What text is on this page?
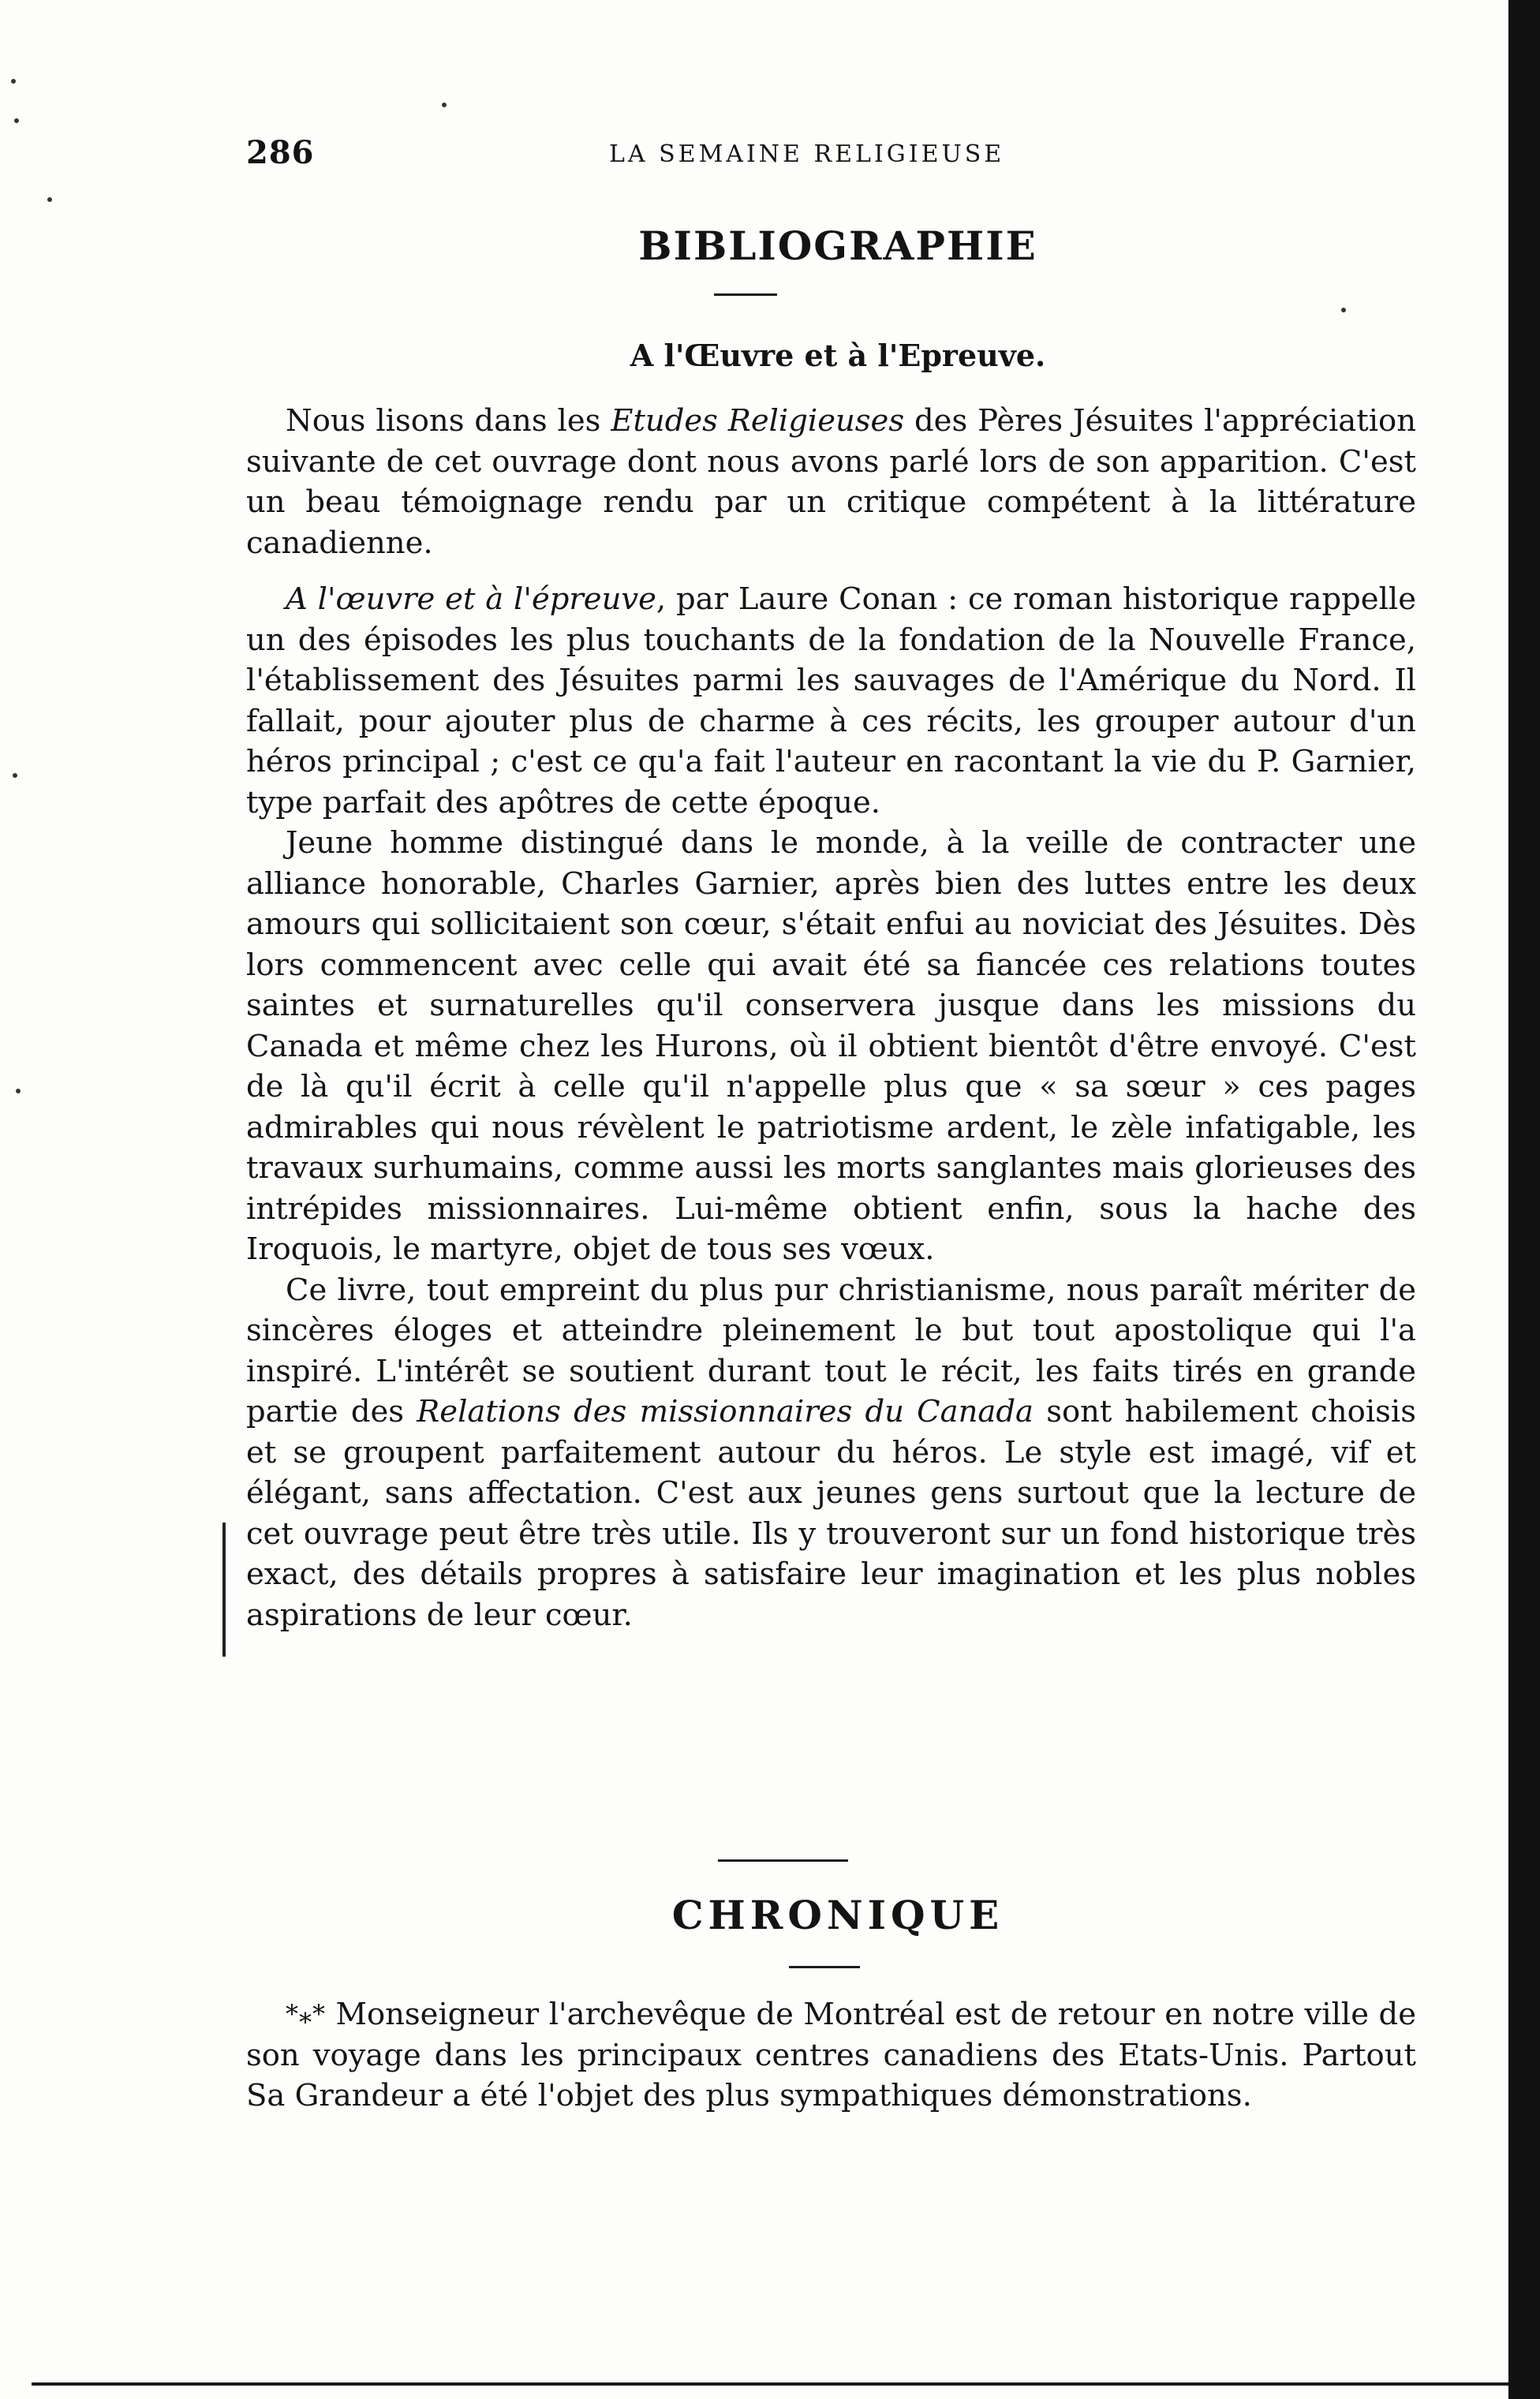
286	LA SEMAINE RELIGIEUSE
BIBLIOGRAPHIE
A l'Œuvre et à l'Epreuve.

Nous lisons dans les Etudes Religieuses des Pères Jésuites l'appréciation suivante de cet ouvrage dont nous avons parlé lors de son apparition. C'est un beau témoignage rendu par un critique compétent à la littérature canadienne.

A l'œuvre et à l'épreuve, par Laure Conan : ce roman historique rappelle un des épisodes les plus touchants de la fondation de la Nouvelle France, l'établissement des Jésuites parmi les sauvages de l'Amérique du Nord. Il fallait, pour ajouter plus de charme à ces récits, les grouper autour d'un héros principal ; c'est ce qu'a fait l'auteur en racontant la vie du P. Garnier, type parfait des apôtres de cette époque.

Jeune homme distingué dans le monde, à la veille de contracter une alliance honorable, Charles Garnier, après bien des luttes entre les deux amours qui sollicitaient son cœur, s'était enfui au noviciat des Jésuites. Dès lors commencent avec celle qui avait été sa fiancée ces relations toutes saintes et surnaturelles qu'il conservera jusque dans les missions du Canada et même chez les Hurons, où il obtient bientôt d'être envoyé. C'est de là qu'il écrit à celle qu'il n'appelle plus que « sa sœur » ces pages admirables qui nous révèlent le patriotisme ardent, le zèle infatigable, les travaux surhumains, comme aussi les morts sanglantes mais glorieuses des intrépides missionnaires. Lui-même obtient enfin, sous la hache des Iroquois, le martyre, objet de tous ses vœux.

Ce livre, tout empreint du plus pur christianisme, nous paraît mériter de sincères éloges et atteindre pleinement le but tout apostolique qui l'a inspiré. L'intérêt se soutient durant tout le récit, les faits tirés en grande partie des Relations des missionnaires du Canada sont habilement choisis et se groupent parfaitement autour du héros. Le style est imagé, vif et élégant, sans affectation. C'est aux jeunes gens surtout que la lecture de cet ouvrage peut être très utile. Ils y trouveront sur un fond historique très exact, des détails propres à satisfaire leur imagination et les plus nobles aspirations de leur cœur.

CHRONIQUE

*⁎* Monseigneur l'archevêque de Montréal est de retour en notre ville de son voyage dans les principaux centres canadiens des Etats-Unis. Partout Sa Grandeur a été l'objet des plus sympathiques démonstrations.
